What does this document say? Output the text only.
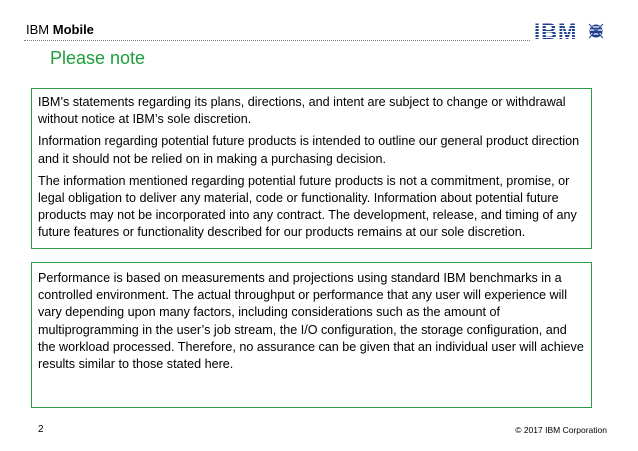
IBM Mobile	IBM
Please note

IBM’s statements regarding its plans, directions, and intent are subject to change or withdrawal without notice at IBM’s sole discretion.

Information regarding potential future products is intended to outline our general product direction and it should not be relied on in making a purchasing decision.

The information mentioned regarding potential future products is not a commitment, promise, or legal obligation to deliver any material, code or functionality. Information about potential future products may not be incorporated into any contract. The development, release, and timing of any future features or functionality described for our products remains at our sole discretion.

Performance is based on measurements and projections using standard IBM benchmarks in a controlled environment. The actual throughput or performance that any user will experience will vary depending upon many factors, including considerations such as the amount of multiprogramming in the user’s job stream, the I/O configuration, the storage configuration, and the workload processed. Therefore, no assurance can be given that an individual user will achieve results similar to those stated here.

2	© 2017 IBM Corporation
